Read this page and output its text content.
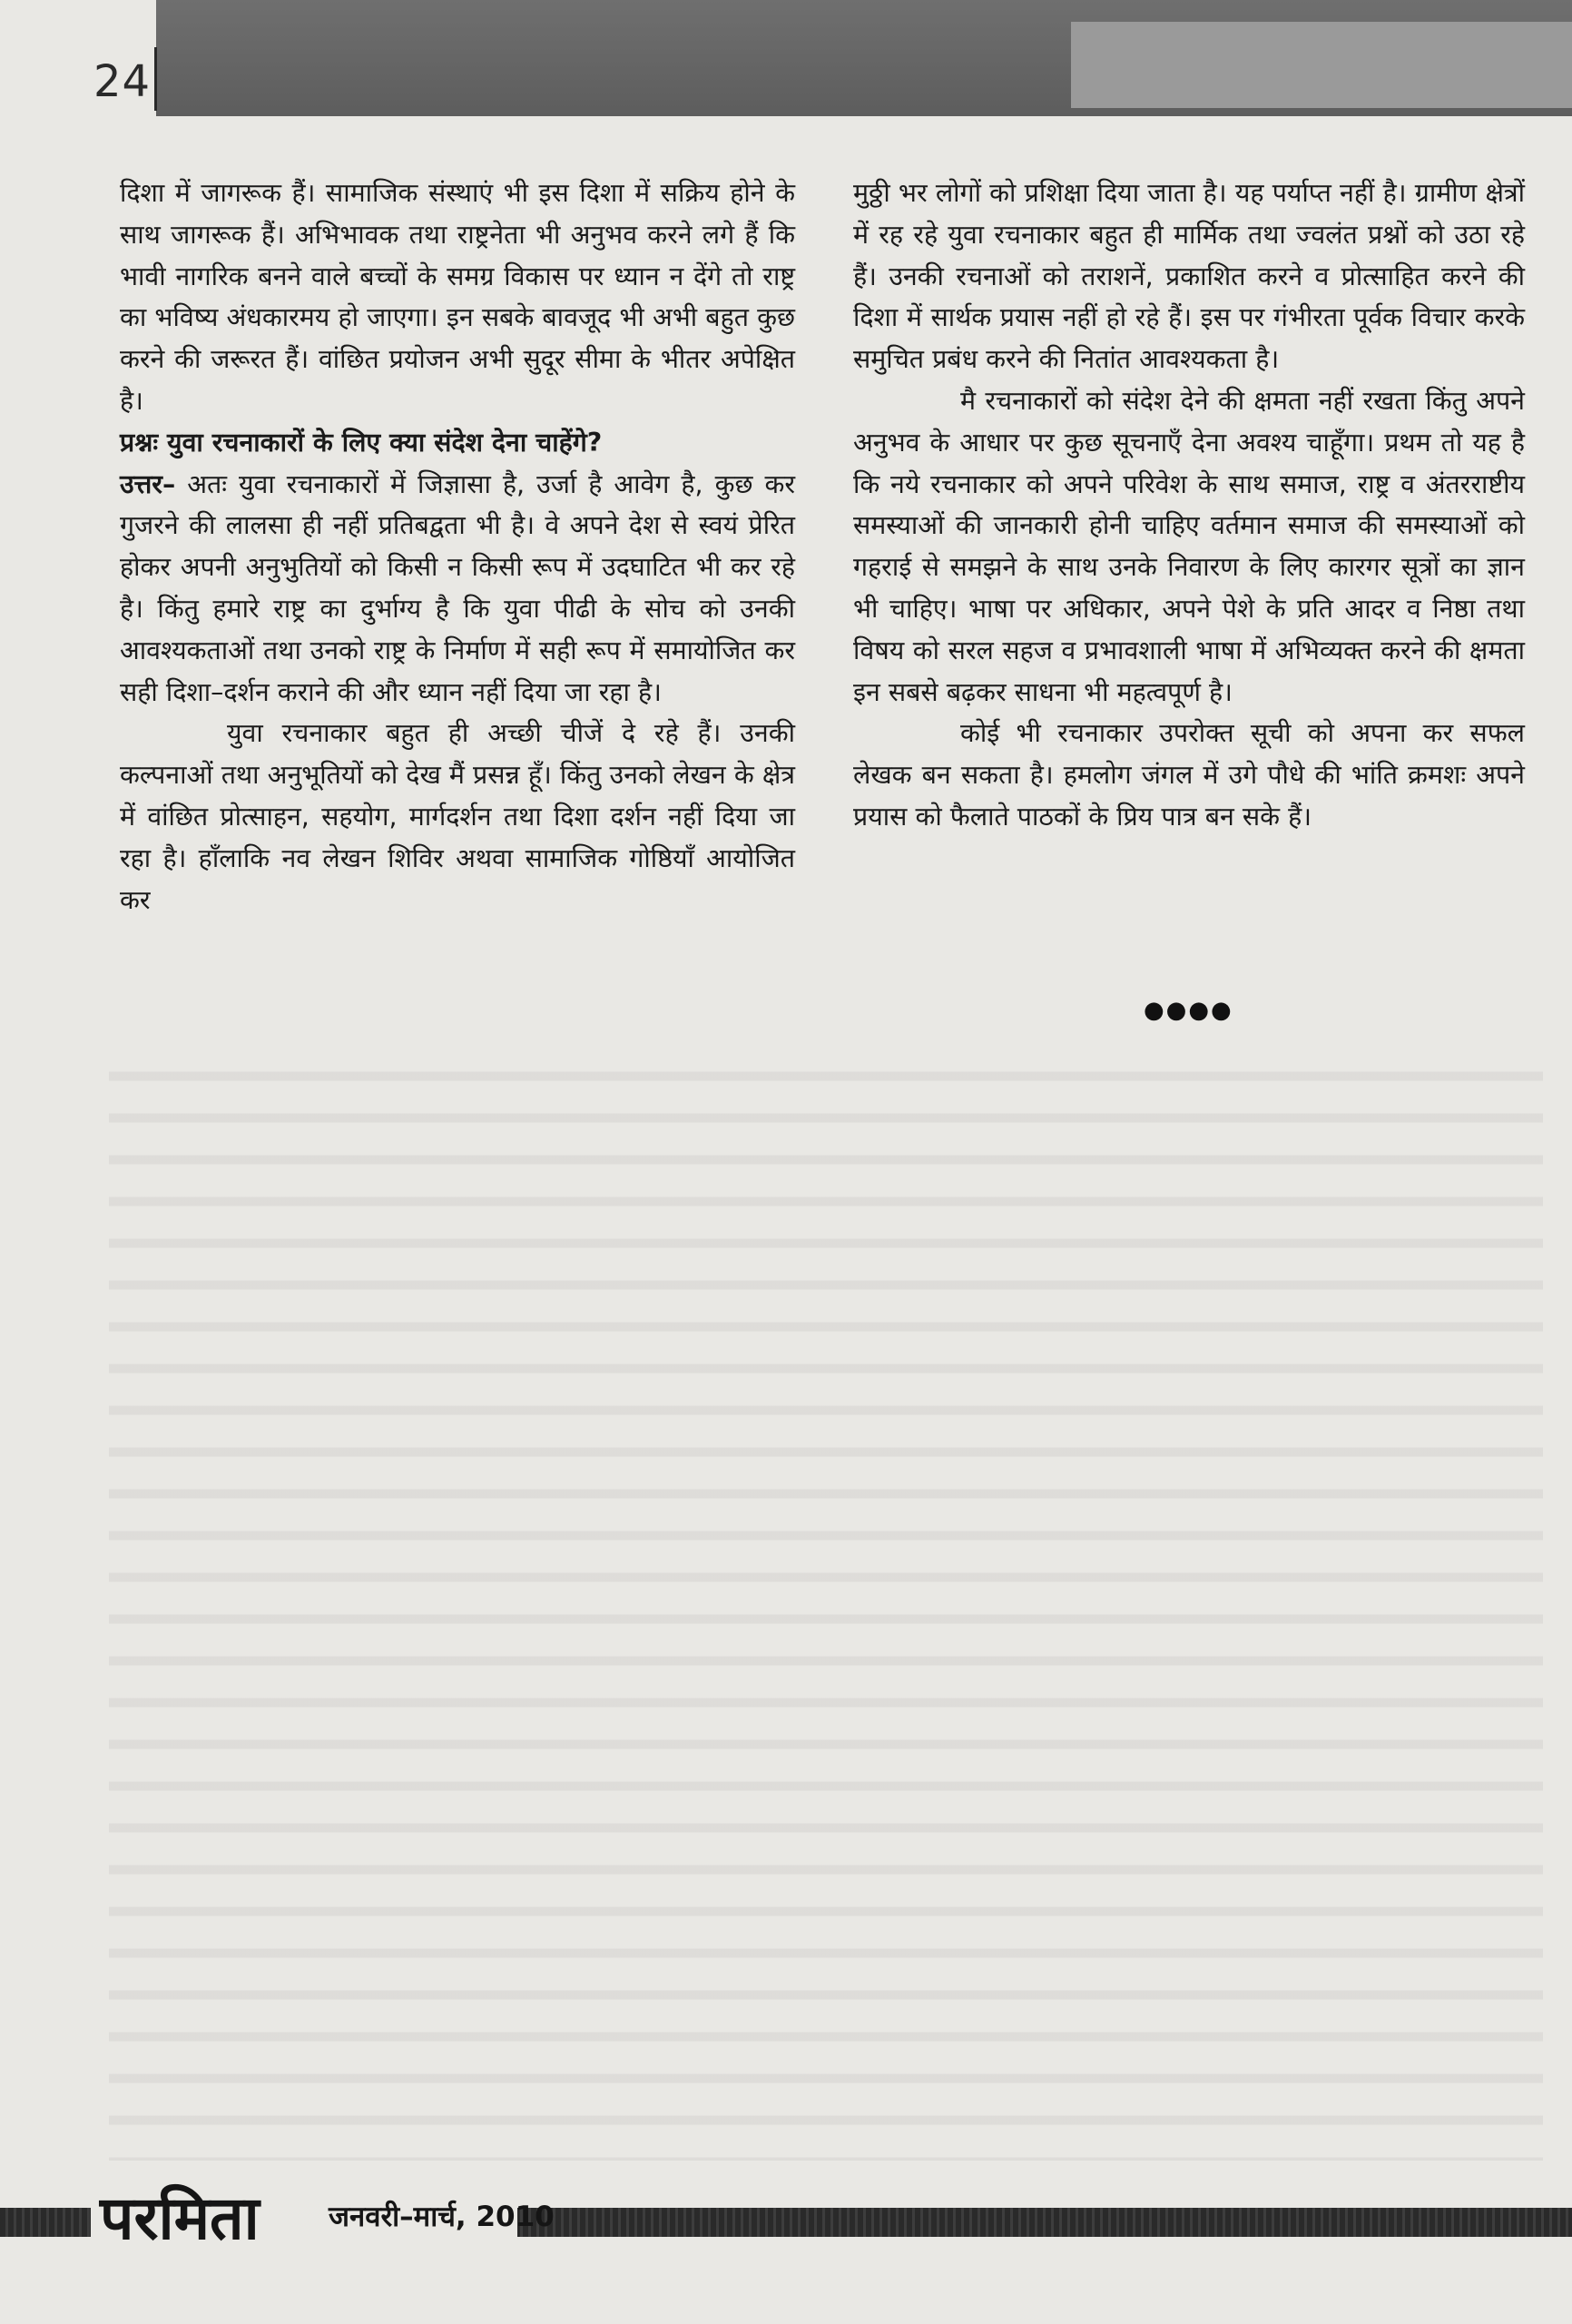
24

दिशा में जागरूक हैं। सामाजिक संस्थाएं भी इस दिशा में सक्रिय होने के साथ जागरूक हैं। अभिभावक तथा राष्ट्रनेता भी अनुभव करने लगे हैं कि भावी नागरिक बनने वाले बच्चों के समग्र विकास पर ध्यान न देंगे तो राष्ट्र का भविष्य अंधकारमय हो जाएगा। इन सबके बावजूद भी अभी बहुत कुछ करने की जरूरत हैं। वांछित प्रयोजन अभी सुदूर सीमा के भीतर अपेक्षित है।

प्रश्नः युवा रचनाकारों के लिए क्या संदेश देना चाहेंगे?

उत्तर– अतः युवा रचनाकारों में जिज्ञासा है, उर्जा है आवेग है, कुछ कर गुजरने की लालसा ही नहीं प्रतिबद्वता भी है। वे अपने देश से स्वयं प्रेरित होकर अपनी अनुभुतियों को किसी न किसी रूप में उदघाटित भी कर रहे है। किंतु हमारे राष्ट्र का दुर्भाग्य है कि युवा पीढी के सोच को उनकी आवश्यकताओं तथा उनको राष्ट्र के निर्माण में सही रूप में समायोजित कर सही दिशा–दर्शन कराने की और ध्यान नहीं दिया जा रहा है।

युवा रचनाकार बहुत ही अच्छी चीजें दे रहे हैं। उनकी कल्पनाओं तथा अनुभूतियों को देख मैं प्रसन्न हूँ। किंतु उनको लेखन के क्षेत्र में वांछित प्रोत्साहन, सहयोग, मार्गदर्शन तथा दिशा दर्शन नहीं दिया जा रहा है। हाँलाकि नव लेखन शिविर अथवा सामाजिक गोष्ठियाँ आयोजित कर

मुठ्ठी भर लोगों को प्रशिक्षा दिया जाता है। यह पर्याप्त नहीं है। ग्रामीण क्षेत्रों में रह रहे युवा रचनाकार बहुत ही मार्मिक तथा ज्वलंत प्रश्नों को उठा रहे हैं। उनकी रचनाओं को तराशनें, प्रकाशित करने व प्रोत्साहित करने की दिशा में सार्थक प्रयास नहीं हो रहे हैं। इस पर गंभीरता पूर्वक विचार करके समुचित प्रबंध करने की नितांत आवश्यकता है।

मै रचनाकारों को संदेश देने की क्षमता नहीं रखता किंतु अपने अनुभव के आधार पर कुछ सूचनाएँ देना अवश्य चाहूँगा। प्रथम तो यह है कि नये रचनाकार को अपने परिवेश के साथ समाज, राष्ट्र व अंतरराष्टीय समस्याओं की जानकारी होनी चाहिए वर्तमान समाज की समस्याओं को गहराई से समझने के साथ उनके निवारण के लिए कारगर सूत्रों का ज्ञान भी चाहिए। भाषा पर अधिकार, अपने पेशे के प्रति आदर व निष्ठा तथा विषय को सरल सहज व प्रभावशाली भाषा में अभिव्यक्त करने की क्षमता इन सबसे बढ़कर साधना भी महत्वपूर्ण है।

कोई भी रचनाकार उपरोक्त सूची को अपना कर सफल लेखक बन सकता है। हमलोग जंगल में उगे पौधे की भांति क्रमशः अपने प्रयास को फैलाते पाठकों के प्रिय पात्र बन सके हैं।

●●●●
परमिता जनवरी–मार्च, 2010
